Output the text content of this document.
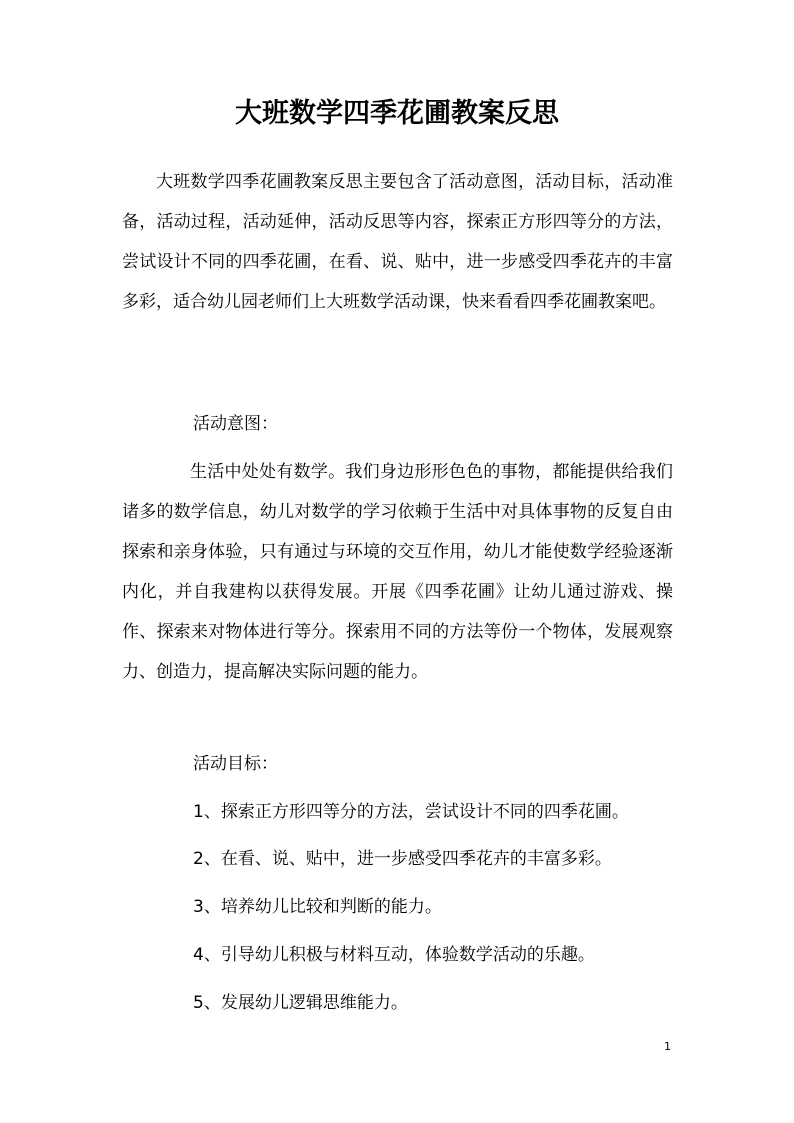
大班数学四季花圃教案反思

大班数学四季花圃教案反思主要包含了活动意图，活动目标，活动准备，活动过程，活动延伸，活动反思等内容，探索正方形四等分的方法，尝试设计不同的四季花圃，在看、说、贴中，进一步感受四季花卉的丰富多彩，适合幼儿园老师们上大班数学活动课，快来看看四季花圃教案吧。

活动意图：

生活中处处有数学。我们身边形形色色的事物，都能提供给我们诸多的数学信息，幼儿对数学的学习依赖于生活中对具体事物的反复自由探索和亲身体验，只有通过与环境的交互作用，幼儿才能使数学经验逐渐内化，并自我建构以获得发展。开展《四季花圃》让幼儿通过游戏、操作、探索来对物体进行等分。探索用不同的方法等份一个物体，发展观察力、创造力，提高解决实际问题的能力。

活动目标：

1、探索正方形四等分的方法，尝试设计不同的四季花圃。

2、在看、说、贴中，进一步感受四季花卉的丰富多彩。

3、培养幼儿比较和判断的能力。

4、引导幼儿积极与材料互动，体验数学活动的乐趣。

5、发展幼儿逻辑思维能力。

1
